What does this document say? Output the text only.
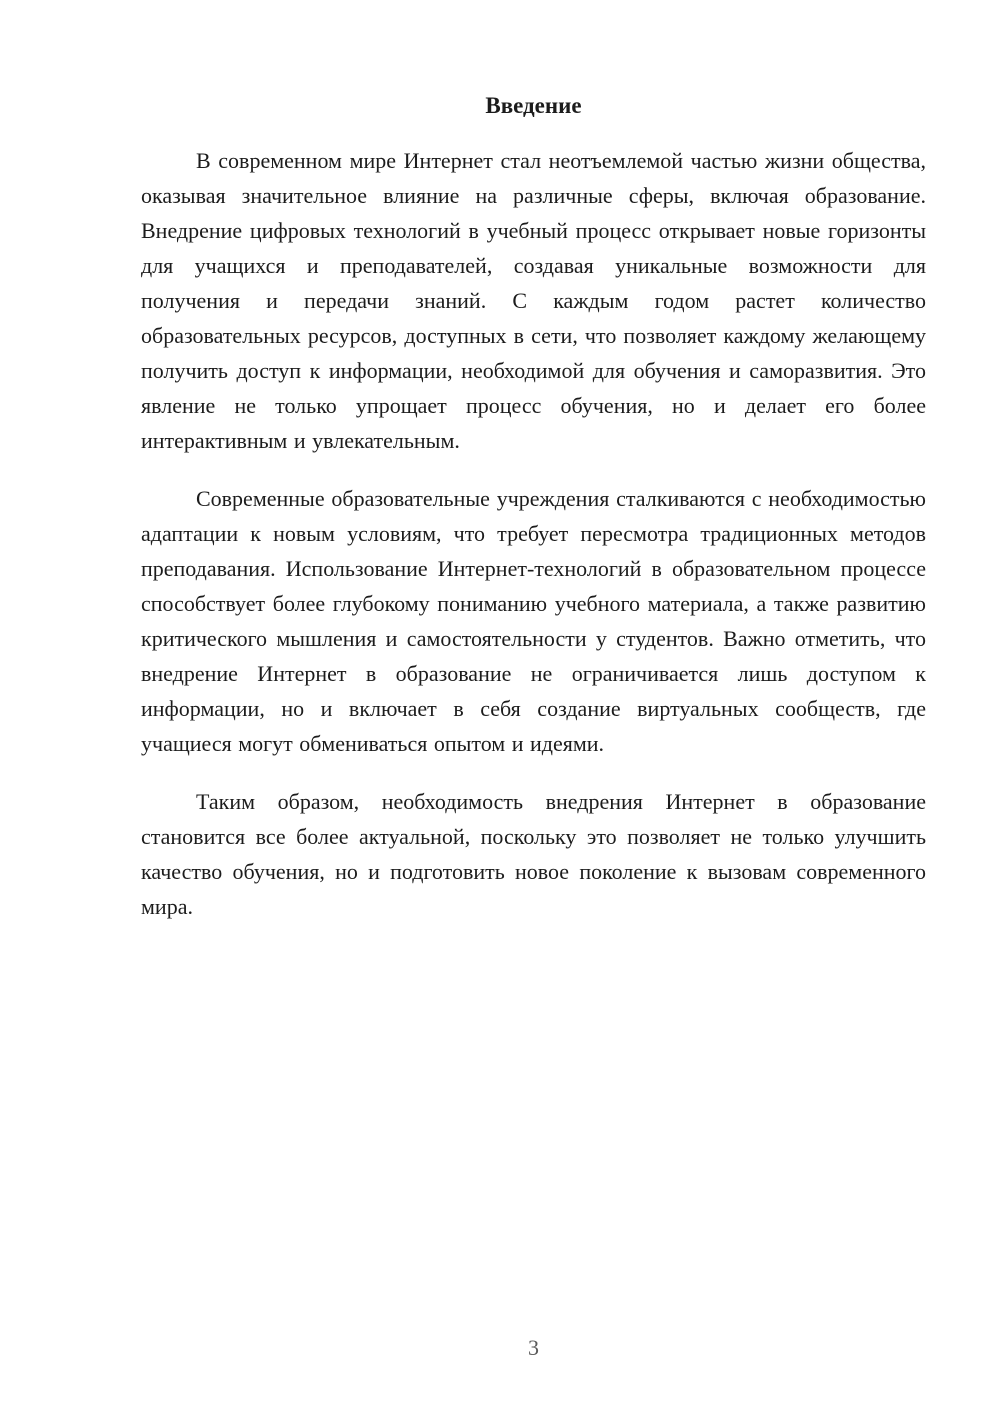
Введение

В современном мире Интернет стал неотъемлемой частью жизни общества, оказывая значительное влияние на различные сферы, включая образование. Внедрение цифровых технологий в учебный процесс открывает новые горизонты для учащихся и преподавателей, создавая уникальные возможности для получения и передачи знаний. С каждым годом растет количество образовательных ресурсов, доступных в сети, что позволяет каждому желающему получить доступ к информации, необходимой для обучения и саморазвития. Это явление не только упрощает процесс обучения, но и делает его более интерактивным и увлекательным.

Современные образовательные учреждения сталкиваются с необходимостью адаптации к новым условиям, что требует пересмотра традиционных методов преподавания. Использование Интернет-технологий в образовательном процессе способствует более глубокому пониманию учебного материала, а также развитию критического мышления и самостоятельности у студентов. Важно отметить, что внедрение Интернет в образование не ограничивается лишь доступом к информации, но и включает в себя создание виртуальных сообществ, где учащиеся могут обмениваться опытом и идеями.

Таким образом, необходимость внедрения Интернет в образование становится все более актуальной, поскольку это позволяет не только улучшить качество обучения, но и подготовить новое поколение к вызовам современного мира.

3
